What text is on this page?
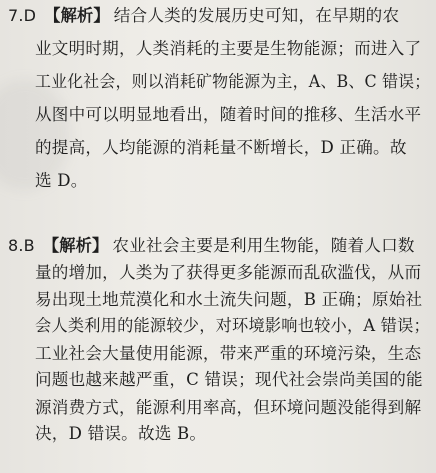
7.D 【解析】 结合人类的发展历史可知，在早期的农
业文明时期，人类消耗的主要是生物能源；而进入了
工业化社会，则以消耗矿物能源为主，A、B、C 错误；
从图中可以明显地看出，随着时间的推移、生活水平
的提高，人均能源的消耗量不断增长，D 正确。故
选 D。
8.B 【解析】 农业社会主要是利用生物能，随着人口数
量的增加，人类为了获得更多能源而乱砍滥伐，从而
易出现土地荒漠化和水土流失问题，B 正确；原始社
会人类利用的能源较少，对环境影响也较小，A 错误；
工业社会大量使用能源，带来严重的环境污染，生态
问题也越来越严重，C 错误；现代社会崇尚美国的能
源消费方式，能源利用率高，但环境问题没能得到解
决，D 错误。故选 B。
